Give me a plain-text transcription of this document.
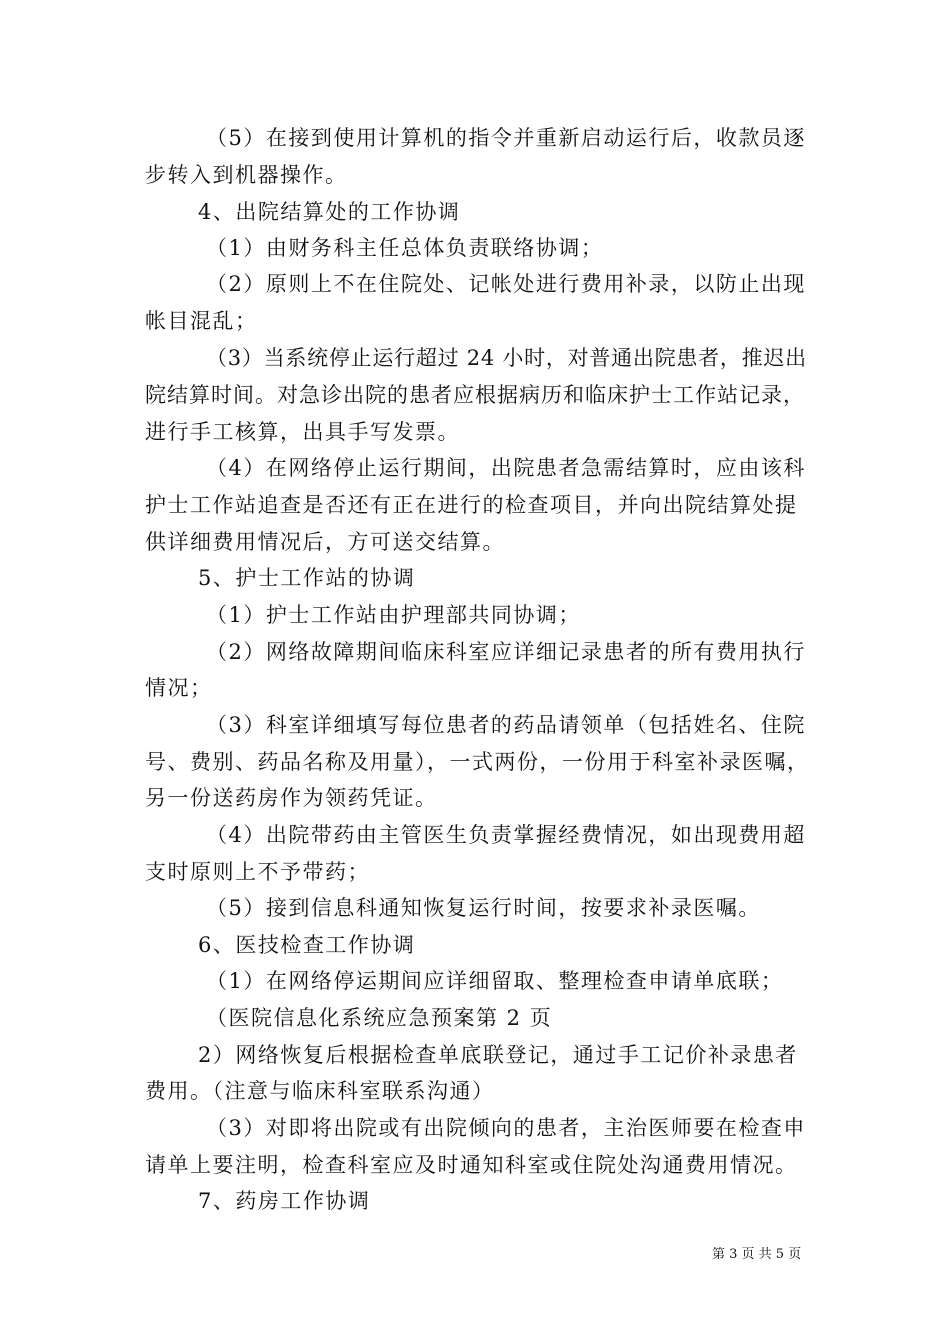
（5）在接到使用计算机的指令并重新启动运行后，收款员逐
步转入到机器操作。
4、出院结算处的工作协调
（1）由财务科主任总体负责联络协调；
（2）原则上不在住院处、记帐处进行费用补录，以防止出现
帐目混乱；
（3）当系统停止运行超过 24 小时，对普通出院患者，推迟出
院结算时间。对急诊出院的患者应根据病历和临床护士工作站记录，
进行手工核算，出具手写发票。
（4）在网络停止运行期间，出院患者急需结算时，应由该科
护士工作站追查是否还有正在进行的检查项目，并向出院结算处提
供详细费用情况后，方可送交结算。
5、护士工作站的协调
（1）护士工作站由护理部共同协调；
（2）网络故障期间临床科室应详细记录患者的所有费用执行
情况；
（3）科室详细填写每位患者的药品请领单（包括姓名、住院
号、费别、药品名称及用量），一式两份，一份用于科室补录医嘱，
另一份送药房作为领药凭证。
（4）出院带药由主管医生负责掌握经费情况，如出现费用超
支时原则上不予带药；
（5）接到信息科通知恢复运行时间，按要求补录医嘱。
6、医技检查工作协调
（1）在网络停运期间应详细留取、整理检查申请单底联；
（医院信息化系统应急预案第 2 页
2）网络恢复后根据检查单底联登记，通过手工记价补录患者
费用。（注意与临床科室联系沟通）
（3）对即将出院或有出院倾向的患者，主治医师要在检查申
请单上要注明，检查科室应及时通知科室或住院处沟通费用情况。
7、药房工作协调
第 3 页 共 5 页
